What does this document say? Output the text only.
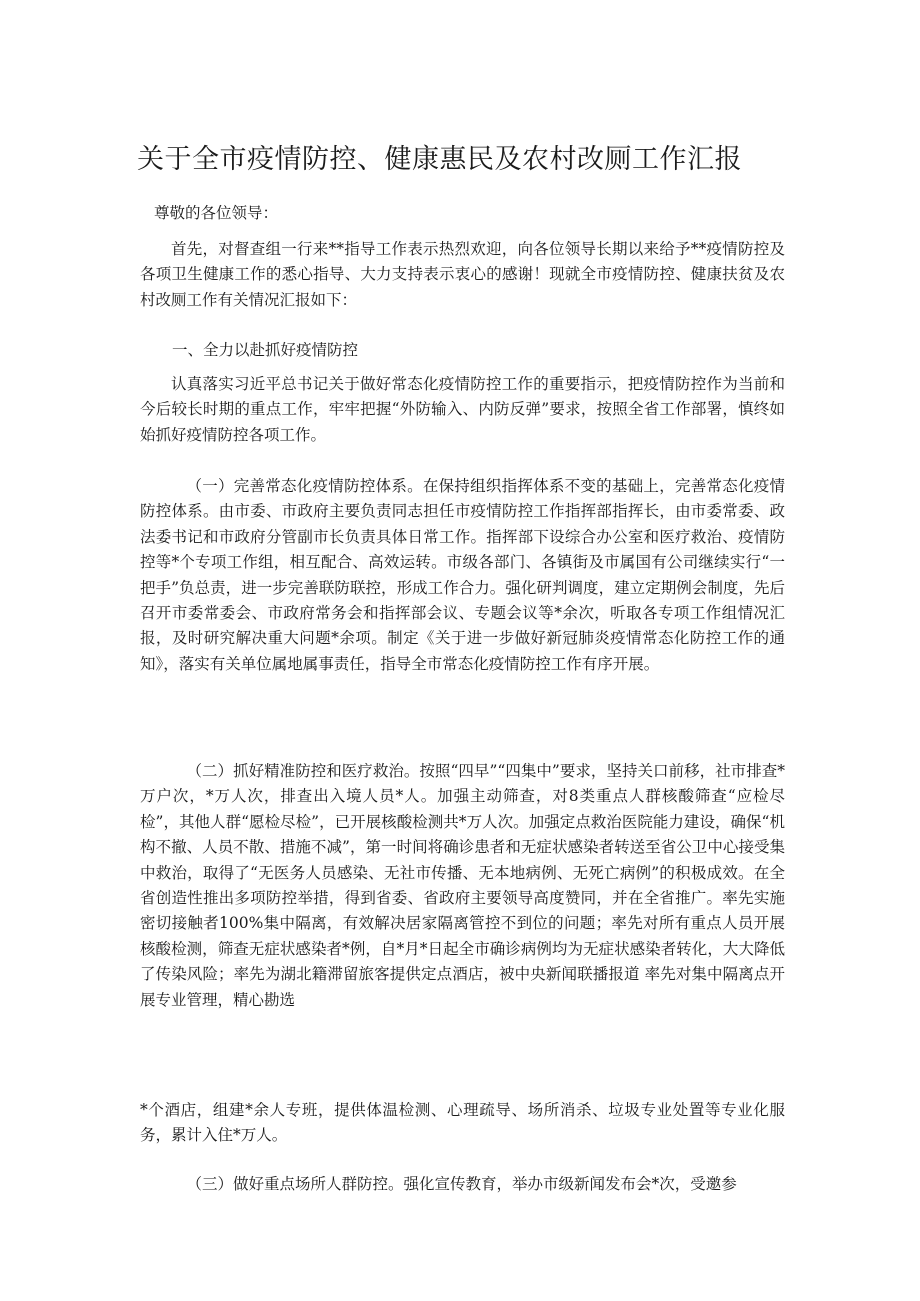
关于全市疫情防控、健康惠民及农村改厕工作汇报
尊敬的各位领导：

首先，对督查组一行来**指导工作表示热烈欢迎，向各位领导长期以来给予**疫情防控及各项卫生健康工作的悉心指导、大力支持表示衷心的感谢！现就全市疫情防控、健康扶贫及农村改厕工作有关情况汇报如下：

一、全力以赴抓好疫情防控

认真落实习近平总书记关于做好常态化疫情防控工作的重要指示，把疫情防控作为当前和今后较长时期的重点工作，牢牢把握“外防输入、内防反弹”要求，按照全省工作部署，慎终如始抓好疫情防控各项工作。

（一）完善常态化疫情防控体系。在保持组织指挥体系不变的基础上，完善常态化疫情防控体系。由市委、市政府主要负责同志担任市疫情防控工作指挥部指挥长，由市委常委、政法委书记和市政府分管副市长负责具体日常工作。指挥部下设综合办公室和医疗救治、疫情防控等*个专项工作组，相互配合、高效运转。市级各部门、各镇街及市属国有公司继续实行“一把手”负总责，进一步完善联防联控，形成工作合力。强化研判调度，建立定期例会制度，先后召开市委常委会、市政府常务会和指挥部会议、专题会议等*余次，听取各专项工作组情况汇报，及时研究解决重大问题*余项。制定《关于进一步做好新冠肺炎疫情常态化防控工作的通知》，落实有关单位属地属事责任，指导全市常态化疫情防控工作有序开展。

（二）抓好精准防控和医疗救治。按照“四早”“四集中”要求，坚持关口前移，社市排查*万户次，*万人次，排查出入境人员*人。加强主动筛查，对8类重点人群核酸筛查“应检尽检”，其他人群“愿检尽检”，已开展核酸检测共*万人次。加强定点救治医院能力建设，确保“机构不撤、人员不散、措施不减”，第一时间将确诊患者和无症状感染者转送至省公卫中心接受集中救治，取得了“无医务人员感染、无社市传播、无本地病例、无死亡病例”的积极成效。在全省创造性推出多项防控举措，得到省委、省政府主要领导高度赞同，并在全省推广。率先实施密切接触者100%集中隔离，有效解决居家隔离管控不到位的问题；率先对所有重点人员开展核酸检测，筛查无症状感染者*例，自*月*日起全市确诊病例均为无症状感染者转化，大大降低了传染风险；率先为湖北籍滞留旅客提供定点酒店，被中央新闻联播报道 率先对集中隔离点开展专业管理，精心勘选

*个酒店，组建*余人专班，提供体温检测、心理疏导、场所消杀、垃圾专业处置等专业化服务，累计入住*万人。

（三）做好重点场所人群防控。强化宣传教育，举办市级新闻发布会*次，受邀参
